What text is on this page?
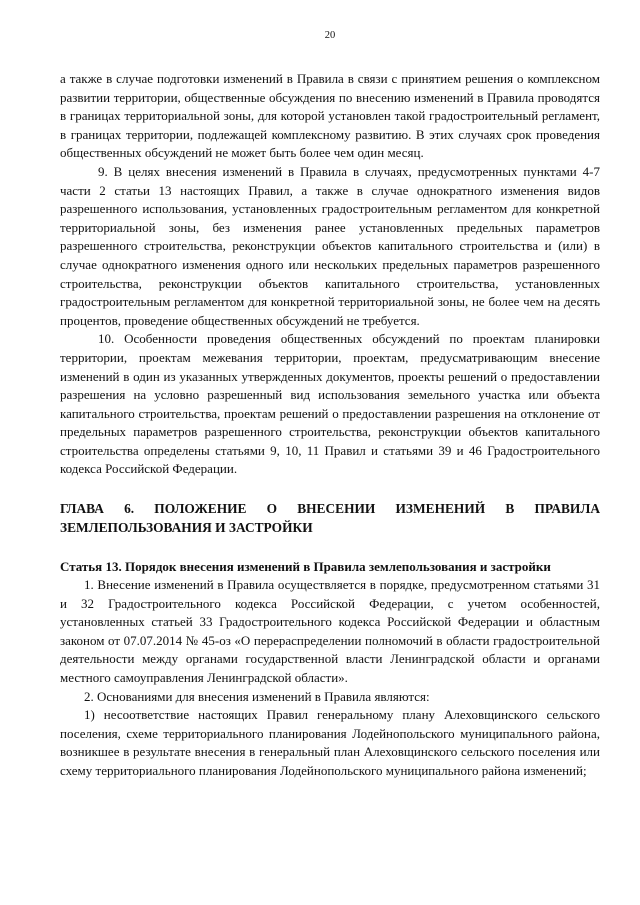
20

а также в случае подготовки изменений в Правила в связи с принятием решения о комплексном развитии территории, общественные обсуждения по внесению изменений в Правила проводятся в границах территориальной зоны, для которой установлен такой градостроительный регламент, в границах территории, подлежащей комплексному развитию. В этих случаях срок проведения общественных обсуждений не может быть более чем один месяц.

9. В целях внесения изменений в Правила в случаях, предусмотренных пунктами 4-7 части 2 статьи 13 настоящих Правил, а также в случае однократного изменения видов разрешенного использования, установленных градостроительным регламентом для конкретной территориальной зоны, без изменения ранее установленных предельных параметров разрешенного строительства, реконструкции объектов капитального строительства и (или) в случае однократного изменения одного или нескольких предельных параметров разрешенного строительства, реконструкции объектов капитального строительства, установленных градостроительным регламентом для конкретной территориальной зоны, не более чем на десять процентов, проведение общественных обсуждений не требуется.

10. Особенности проведения общественных обсуждений по проектам планировки территории, проектам межевания территории, проектам, предусматривающим внесение изменений в один из указанных утвержденных документов, проекты решений о предоставлении разрешения на условно разрешенный вид использования земельного участка или объекта капитального строительства, проектам решений о предоставлении разрешения на отклонение от предельных параметров разрешенного строительства, реконструкции объектов капитального строительства определены статьями 9, 10, 11 Правил и статьями 39 и 46 Градостроительного кодекса Российской Федерации.

ГЛАВА 6. ПОЛОЖЕНИЕ О ВНЕСЕНИИ ИЗМЕНЕНИЙ В ПРАВИЛА ЗЕМЛЕПОЛЬЗОВАНИЯ И ЗАСТРОЙКИ
Статья 13. Порядок внесения изменений в Правила землепользования и застройки

1. Внесение изменений в Правила осуществляется в порядке, предусмотренном статьями 31 и 32 Градостроительного кодекса Российской Федерации, с учетом особенностей, установленных статьей 33 Градостроительного кодекса Российской Федерации и областным законом от 07.07.2014 № 45-оз «О перераспределении полномочий в области градостроительной деятельности между органами государственной власти Ленинградской области и органами местного самоуправления Ленинградской области».

2. Основаниями для внесения изменений в Правила являются:

1) несоответствие настоящих Правил генеральному плану Алеховщинского сельского поселения, схеме территориального планирования Лодейнопольского муниципального района, возникшее в результате внесения в генеральный план Алеховщинского сельского поселения или схему территориального планирования Лодейнопольского муниципального района изменений;
